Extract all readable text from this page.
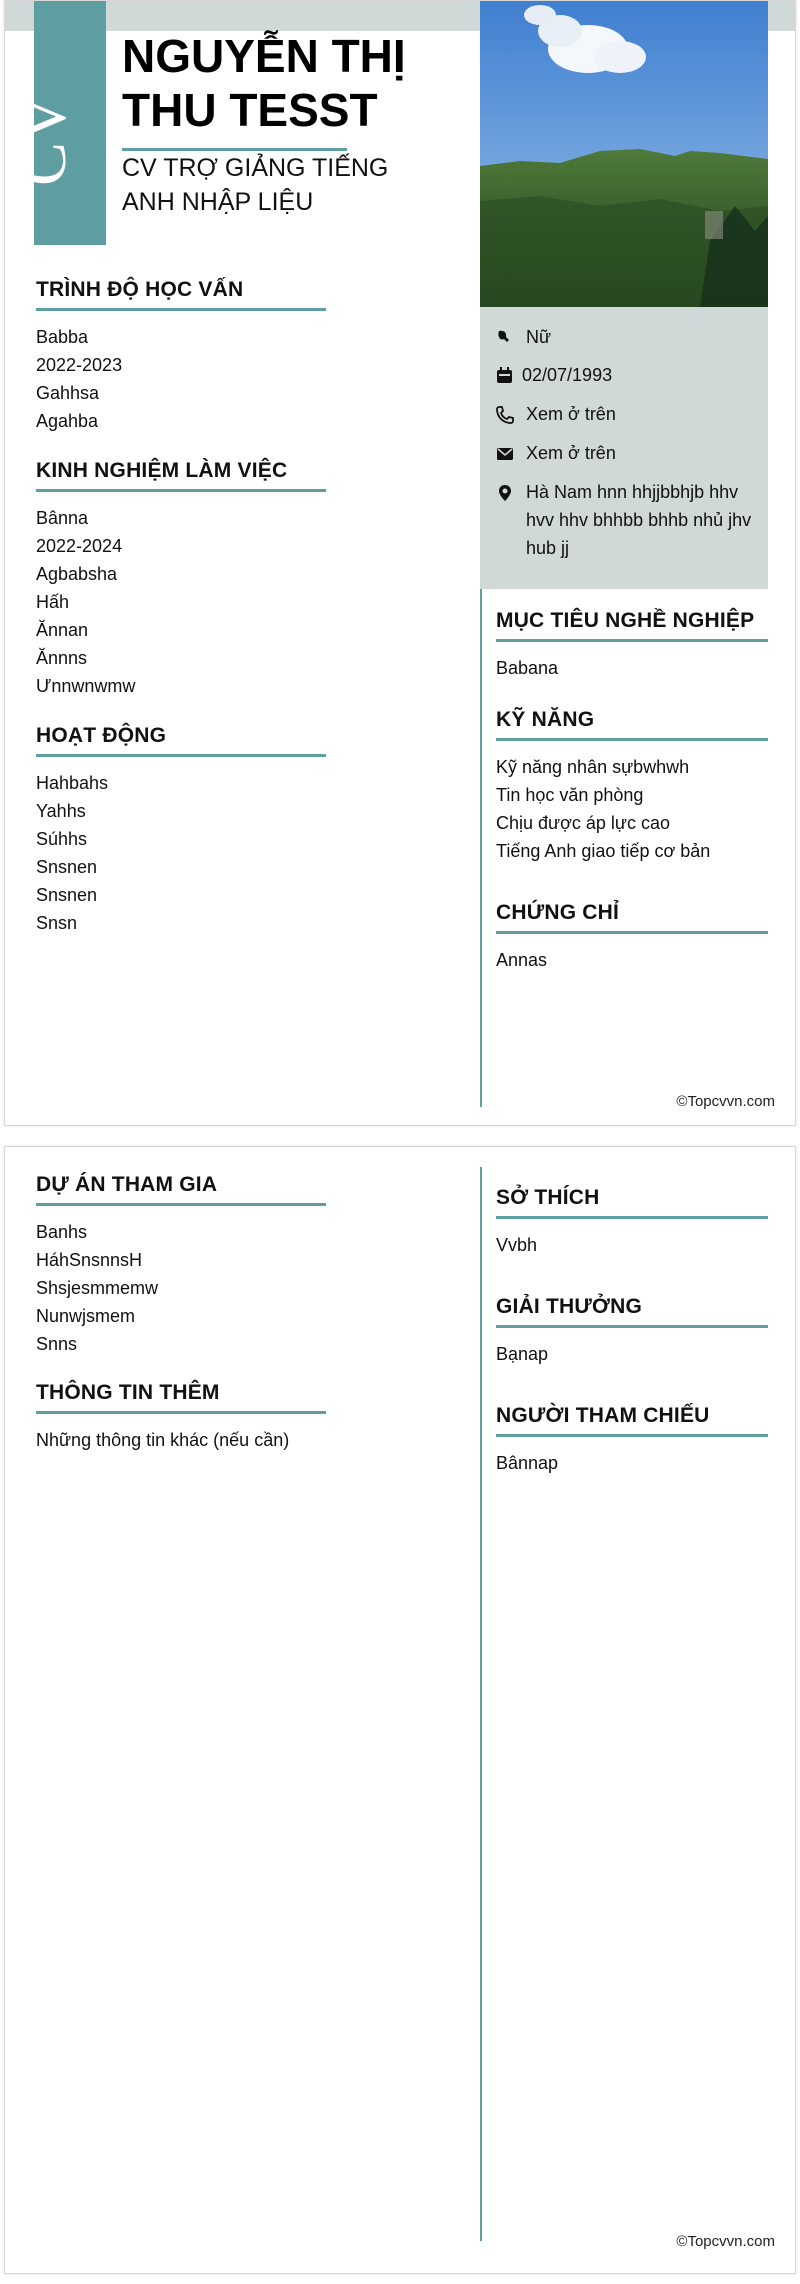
CV
NGUYỄN THỊ THU TESST
CV TRỢ GIẢNG TIẾNG ANH NHẬP LIỆU
Nữ
02/07/1993
Xem ở trên
Xem ở trên
Hà Nam hnn hhjjbbhjb hhv hvv hhv bhhbb bhhb nhủ jhv hub jj
TRÌNH ĐỘ HỌC VẤN
Babba
2022-2023
Gahhsa
Agahba
KINH NGHIỆM LÀM VIỆC
Bânna
2022-2024
Agbabsha
Hấh
Ănnan
Ănnns
Ưnnwnwmw
HOẠT ĐỘNG
Hahbahs
Yahhs
Súhhs
Snsnen
Snsnen
Snsn
MỤC TIÊU NGHỀ NGHIỆP
Babana
KỸ NĂNG
Kỹ năng nhân sựbwhwh
Tin học văn phòng
Chịu được áp lực cao
Tiếng Anh giao tiếp cơ bản
CHỨNG CHỈ
Annas
©Topcvvn.com
DỰ ÁN THAM GIA
Banhs
HáhSnsnnsH
Shsjesmmemw
Nunwjsmem
Snns
THÔNG TIN THÊM
Những thông tin khác (nếu cần)
SỞ THÍCH
Vvbh
GIẢI THƯỞNG
Bạnap
NGƯỜI THAM CHIẾU
Bânnap
©Topcvvn.com
